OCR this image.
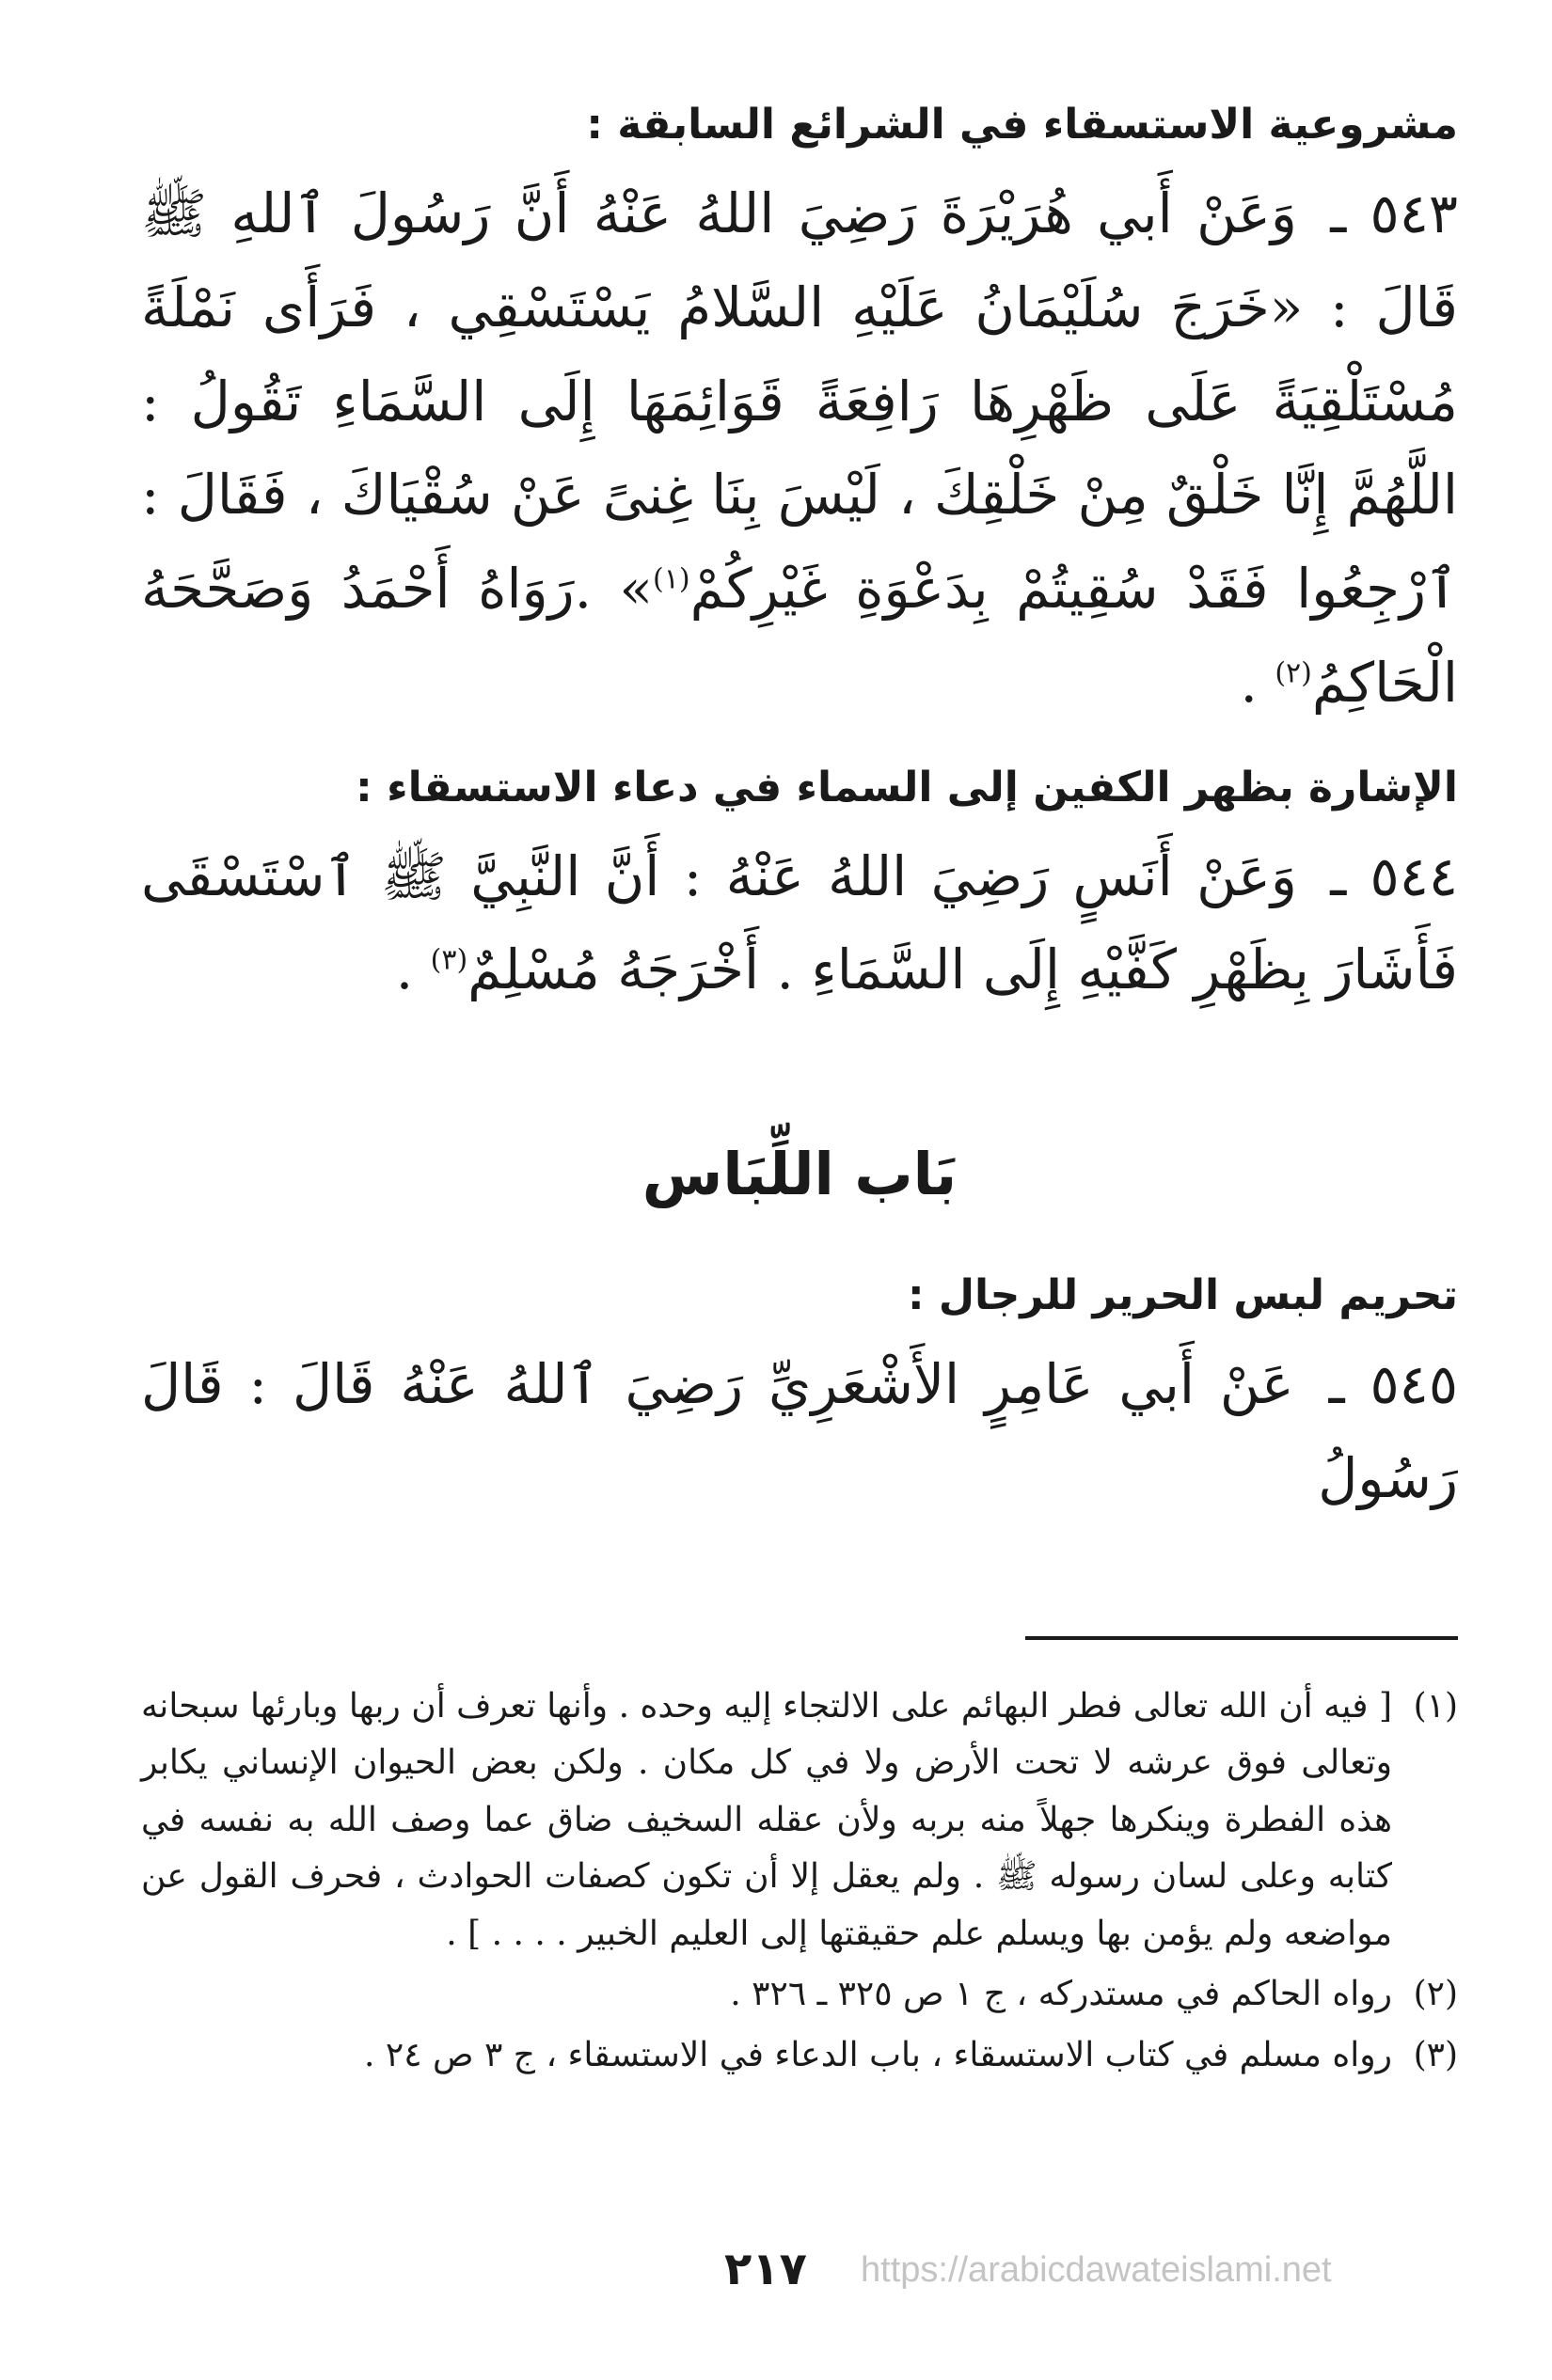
مشروعية الاستسقاء في الشرائع السابقة :

٥٤٣ ـ وَعَنْ أَبي هُرَيْرَةَ رَضِيَ اللهُ عَنْهُ أَنَّ رَسُولَ ٱللهِ ﷺ قَالَ : «خَرَجَ سُلَيْمَانُ عَلَيْهِ السَّلامُ يَسْتَسْقِي ، فَرَأَى نَمْلَةً مُسْتَلْقِيَةً عَلَى ظَهْرِهَا رَافِعَةً قَوَائِمَهَا إِلَى السَّمَاءِ تَقُولُ : اللَّهُمَّ إِنَّا خَلْقٌ مِنْ خَلْقِكَ ، لَيْسَ بِنَا غِنىً عَنْ سُقْيَاكَ ، فَقَالَ : ٱرْجِعُوا فَقَدْ سُقِيتُمْ بِدَعْوَةِ غَيْرِكُمْ$^{(١)}$» .رَوَاهُ أَحْمَدُ وَصَحَّحَهُ الْحَاكِمُ$^{(٢)}$ .

الإشارة بظهر الكفين إلى السماء في دعاء الاستسقاء :

٥٤٤ ـ وَعَنْ أَنَسٍ رَضِيَ اللهُ عَنْهُ : أَنَّ النَّبِيَّ ﷺ ٱسْتَسْقَى فَأَشَارَ بِظَهْرِ كَفَّيْهِ إِلَى السَّمَاءِ . أَخْرَجَهُ مُسْلِمٌ$^{(٣)}$ .

بَاب اللِّبَاس
تحريم لبس الحرير للرجال :

٥٤٥ ـ عَنْ أَبي عَامِرٍ الأَشْعَرِيِّ رَضِيَ ٱللهُ عَنْهُ قَالَ : قَالَ رَسُولُ

(١)
[ فيه أن الله تعالى فطر البهائم على الالتجاء إليه وحده . وأنها تعرف أن ربها وبارئها سبحانه وتعالى فوق عرشه لا تحت الأرض ولا في كل مكان . ولكن بعض الحيوان الإنساني يكابر هذه الفطرة وينكرها جهلاً منه بربه ولأن عقله السخيف ضاق عما وصف الله به نفسه في كتابه وعلى لسان رسوله ﷺ . ولم يعقل إلا أن تكون كصفات الحوادث ، فحرف القول عن مواضعه ولم يؤمن بها ويسلم علم حقيقتها إلى العليم الخبير . . . . ] .
(٢)
رواه الحاكم في مستدركه ، ج ١ ص ٣٢٥ ـ ٣٢٦ .
(٣)
رواه مسلم في كتاب الاستسقاء ، باب الدعاء في الاستسقاء ، ج ٣ ص ٢٤ .
٢١٧ https://arabicdawateislami.net
